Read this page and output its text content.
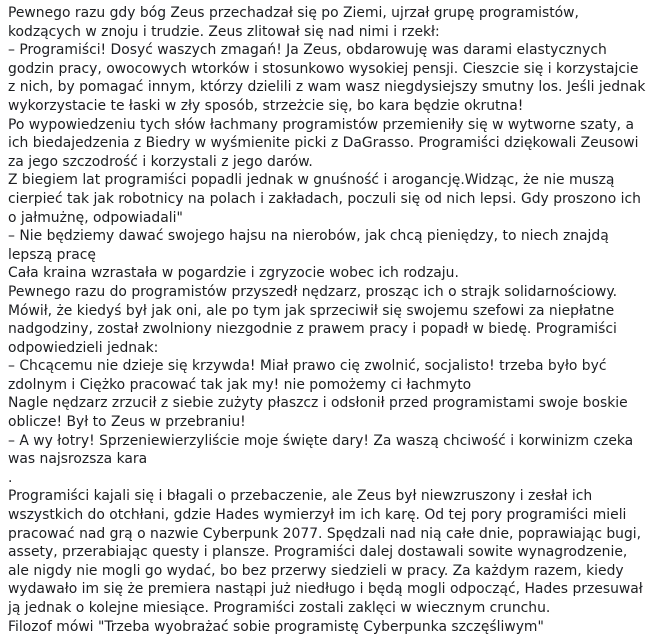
Pewnego razu gdy bóg Zeus przechadzał się po Ziemi, ujrzał grupę programistów, kodzących w znoju i trudzie. Zeus zlitował się nad nimi i rzekł:
– Programiści! Dosyć waszych zmagań! Ja Zeus, obdarowuję was darami elastycznych godzin pracy, owocowych wtorków i stosunkowo wysokiej pensji. Cieszcie się i korzystajcie z nich, by pomagać innym, którzy dzielili z wam wasz niegdysiejszy smutny los. Jeśli jednak wykorzystacie te łaski w zły sposób, strzeżcie się, bo kara będzie okrutna!
Po wypowiedzeniu tych słów łachmany programistów przemieniły się w wytworne szaty, a ich biedajedzenia z Biedry w wyśmienite picki z DaGrasso. Programiści dziękowali Zeusowi za jego szczodrość i korzystali z jego darów.
Z biegiem lat programiści popadli jednak w gnuśność i arogancję.Widząc, że nie muszą cierpieć tak jak robotnicy na polach i zakładach, poczuli się od nich lepsi. Gdy proszono ich o jałmużnę, odpowiadali"
– Nie będziemy dawać swojego hajsu na nierobów, jak chcą pieniędzy, to niech znajdą lepszą pracę
Cała kraina wzrastała w pogardzie i zgryzocie wobec ich rodzaju.
Pewnego razu do programistów przyszedł nędzarz, prosząc ich o strajk solidarnościowy. Mówił, że kiedyś był jak oni, ale po tym jak sprzeciwił się swojemu szefowi za niepłatne nadgodziny, został zwolniony niezgodnie z prawem pracy i popadł w biedę. Programiści odpowiedzieli jednak:
– Chcącemu nie dzieje się krzywda! Miał prawo cię zwolnić, socjalisto! trzeba było być zdolnym i Ciężko pracować tak jak my! nie pomożemy ci łachmyto
Nagle nędzarz zrzucił z siebie zużyty płaszcz i odsłonił przed programistami swoje boskie oblicze! Był to Zeus w przebraniu!
– A wy łotry! Sprzeniewierzyliście moje święte dary! Za waszą chciwość i korwinizm czeka was najsrozsza kara
.
Programiści kajali się i błagali o przebaczenie, ale Zeus był niewzruszony i zesłał ich wszystkich do otchłani, gdzie Hades wymierzył im ich karę. Od tej pory programiści mieli pracować nad grą o nazwie Cyberpunk 2077. Spędzali nad nią całe dnie, poprawiając bugi, assety, przerabiając questy i plansze. Programiści dalej dostawali sowite wynagrodzenie, ale nigdy nie mogli go wydać, bo bez przerwy siedzieli w pracy. Za każdym razem, kiedy wydawało im się że premiera nastąpi już niedługo i będą mogli odpocząć, Hades przesuwał ją jednak o kolejne miesiące. Programiści zostali zaklęci w wiecznym crunchu.
Filozof mówi "Trzeba wyobrażać sobie programistę Cyberpunka szczęśliwym"
